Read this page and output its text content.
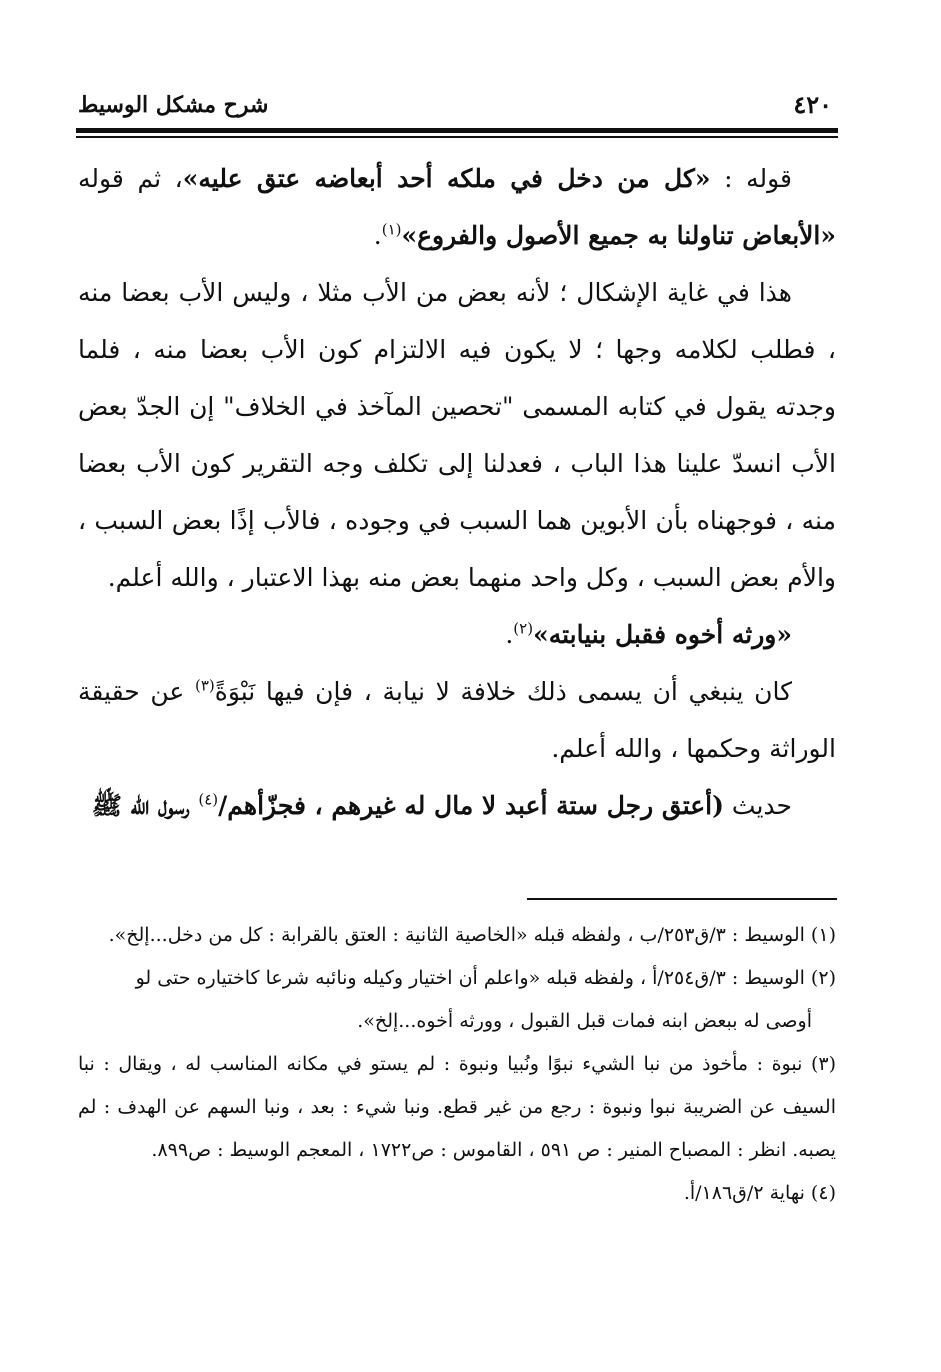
شرح مشكل الوسيط	٤٢٠

قوله : «كل من دخل في ملكه أحد أبعاضه عتق عليه»، ثم قوله «الأبعاض تناولنا به جميع الأصول والفروع»$^{(١)}$.

هذا في غاية الإشكال ؛ لأنه بعض من الأب مثلا ، وليس الأب بعضا منه ، فطلب لكلامه وجها ؛ لا يكون فيه الالتزام كون الأب بعضا منه ، فلما وجدته يقول في كتابه المسمى "تحصين المآخذ في الخلاف" إن الجدّ بعض الأب انسدّ علينا هذا الباب ، فعدلنا إلى تكلف وجه التقرير كون الأب بعضا منه ، فوجهناه بأن الأبوين هما السبب في وجوده ، فالأب إذًا بعض السبب ، والأم بعض السبب ، وكل واحد منهما بعض منه بهذا الاعتبار ، والله أعلم.

«ورثه أخوه فقبل بنيابته»$^{(٢)}$.

كان ينبغي أن يسمى ذلك خلافة لا نيابة ، فإن فيها نَبْوَةً$^{(٣)}$ عن حقيقة الوراثة وحكمها ، والله أعلم.

حديث (أعتق رجل ستة أعبد لا مال له غيرهم ، فجزّأهم/$^{(٤)}$ رسول الله ﷺ

(١) الوسيط : ٣/ق٢٥٣/ب ، ولفظه قبله «الخاصية الثانية : العتق بالقرابة : كل من دخل...إلخ».

(٢) الوسيط : ٣/ق٢٥٤/أ ، ولفظه قبله «واعلم أن اختيار وكيله ونائبه شرعا كاختياره حتى لو

أوصى له ببعض ابنه فمات قبل القبول ، وورثه أخوه...إلخ».

(٣) نبوة : مأخوذ من نبا الشيء نبوًا ونُبيا ونبوة : لم يستو في مكانه المناسب له ، ويقال : نبا السيف عن الضريبة نبوا ونبوة : رجع من غير قطع. ونبا شيء : بعد ، ونبا السهم عن الهدف : لم يصبه. انظر : المصباح المنير : ص ٥٩١ ، القاموس : ص١٧٢٢ ، المعجم الوسيط : ص٨٩٩.

(٤) نهاية ٢/ق١٨٦/أ.
